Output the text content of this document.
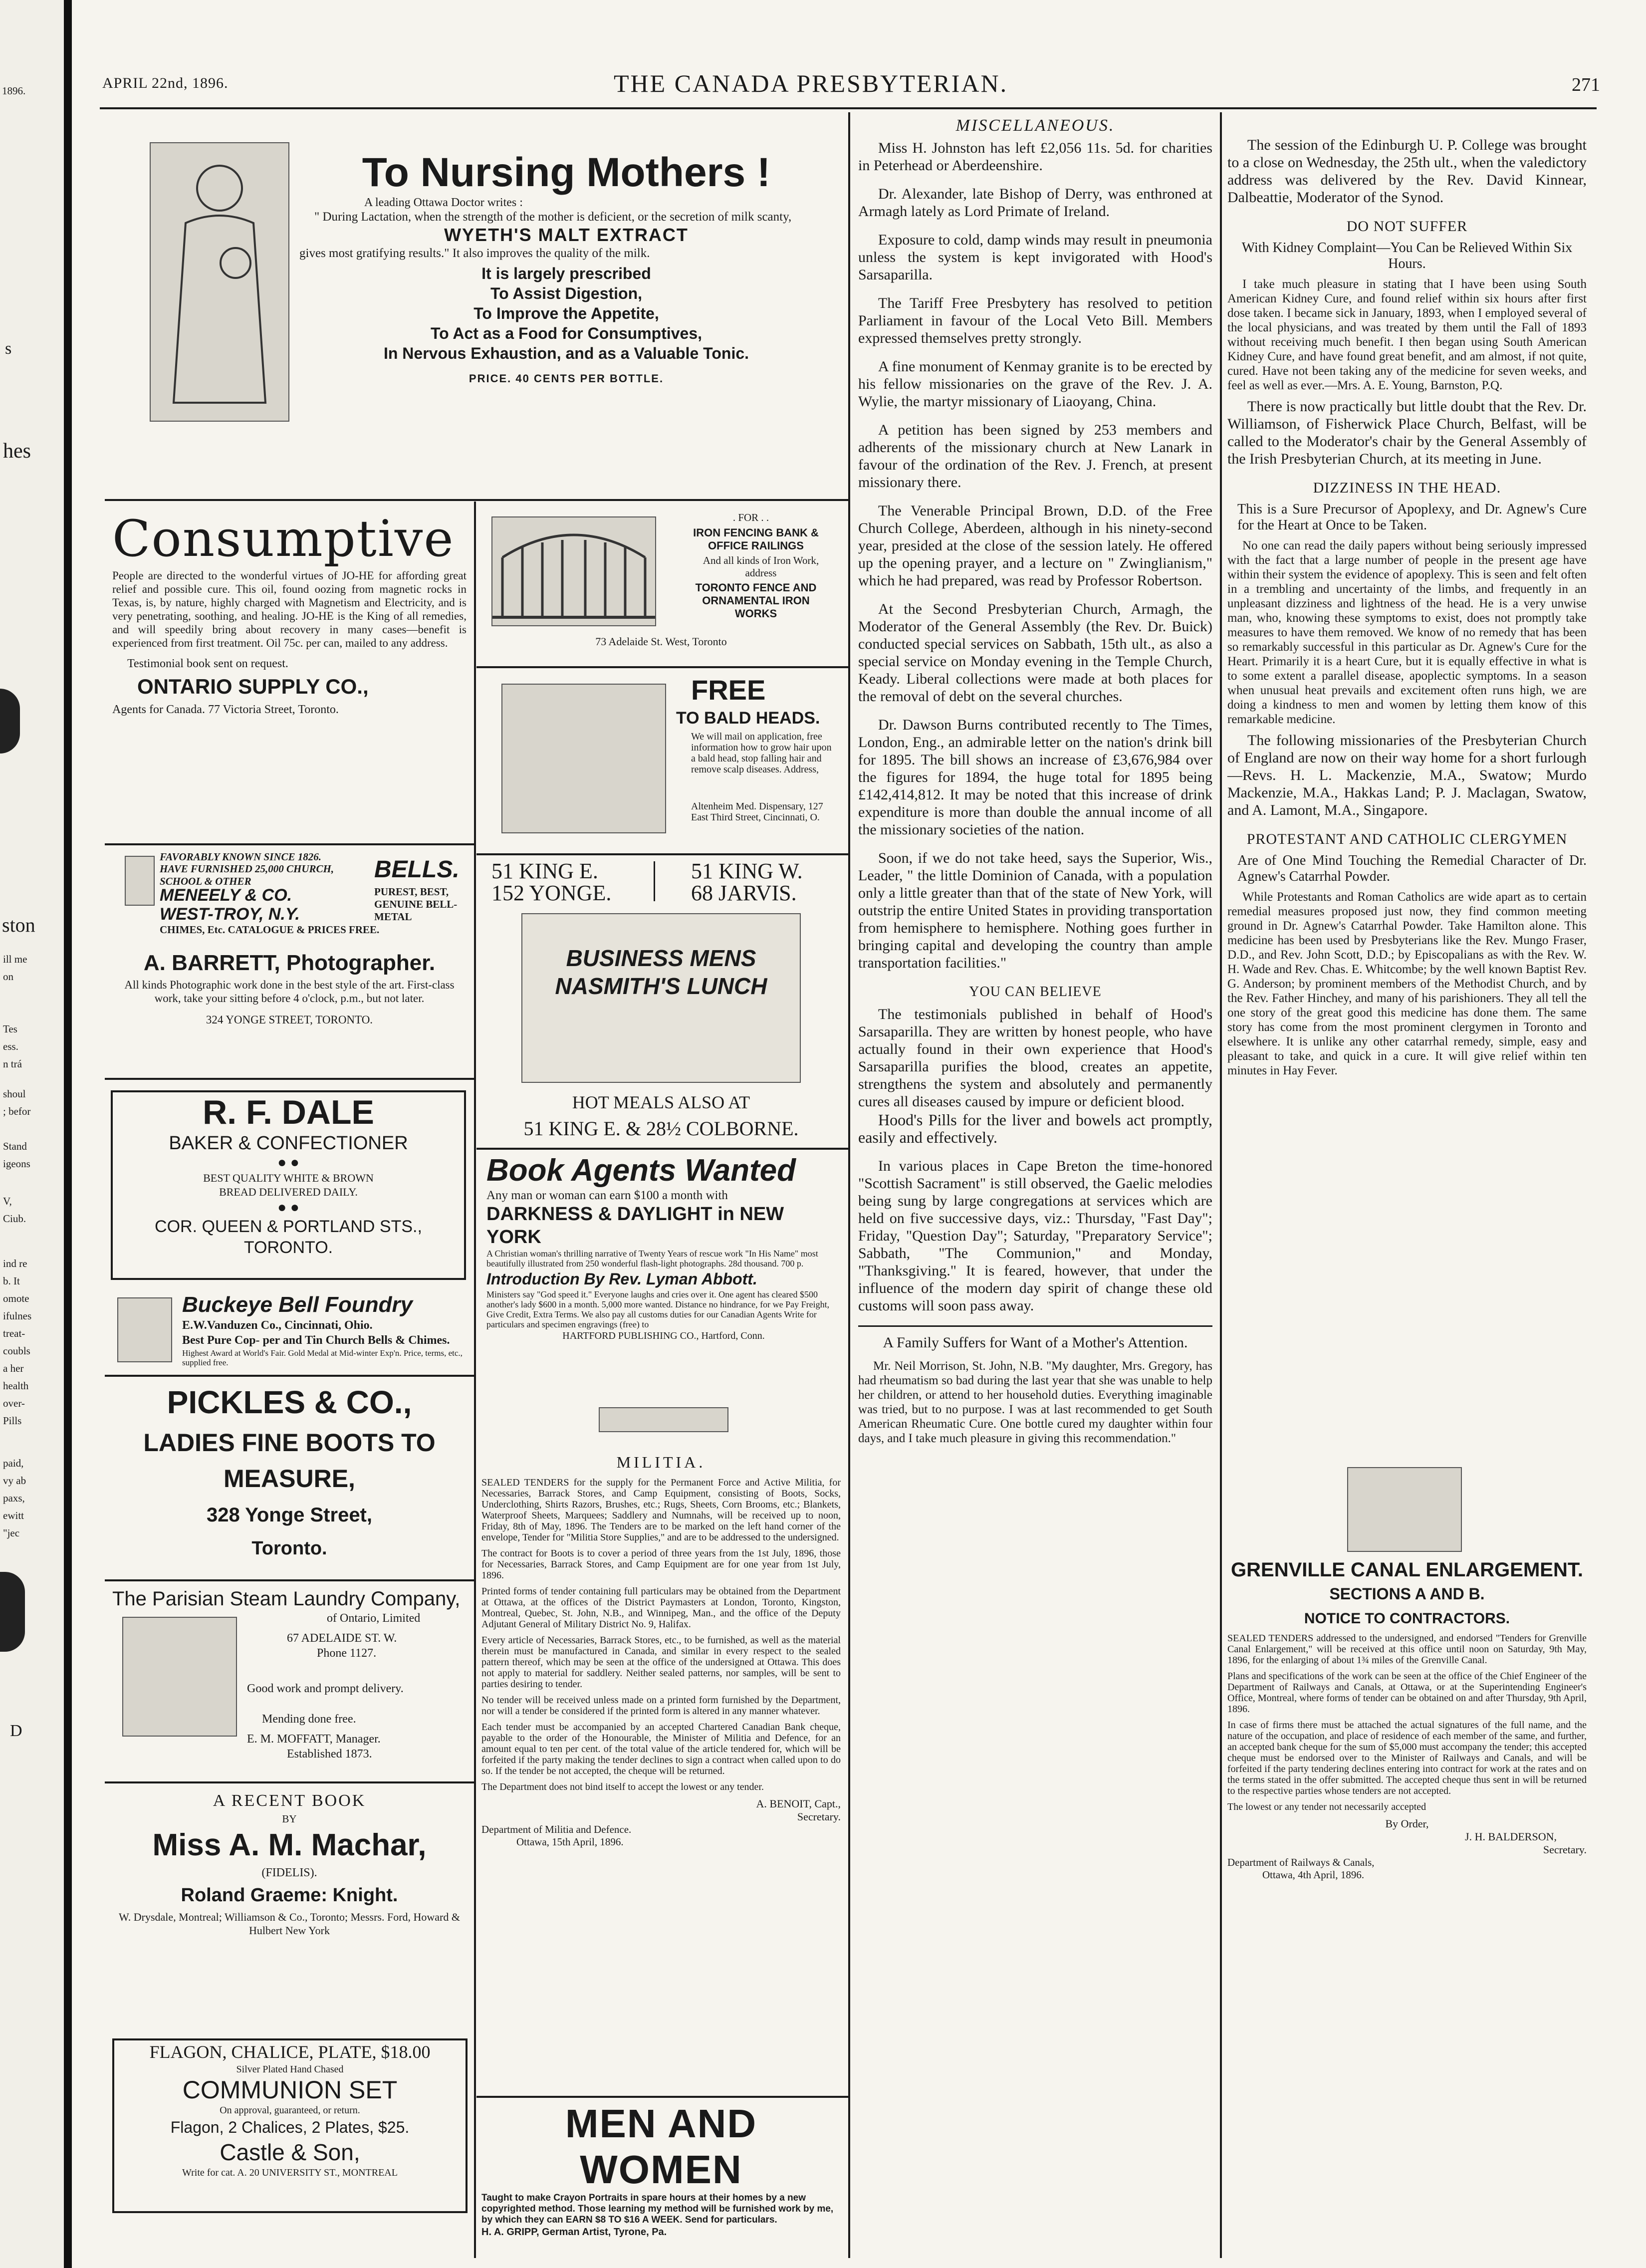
1896.
s
hes
ston
ill me
on
Tes
ess.
n trá
shoul
; befor
Stand
igeons
V,
Ciub.
ind re
b. It
omote
ifulnes
treat-
coubls
a her
health
over-
Pills
paid,
vy ab
paxs,
ewitt
"jec
D
APRIL 22nd, 1896.	THE CANADA PRESBYTERIAN.	271
To Nursing Mothers !
A leading Ottawa Doctor writes :
" During Lactation, when the strength of the mother is deficient, or the secretion of milk scanty,
WYETH'S MALT EXTRACT
gives most gratifying results." It also improves the quality of the milk.
It is largely prescribed
To Assist Digestion,
To Improve the Appetite,
To Act as a Food for Consumptives,
In Nervous Exhaustion, and as a Valuable Tonic.
PRICE. 40 CENTS PER BOTTLE.
Consumptive

People are directed to the wonderful virtues of JO-HE for affording great relief and possible cure. This oil, found oozing from magnetic rocks in Texas, is, by nature, highly charged with Magnetism and Electricity, and is very penetrating, soothing, and healing. JO-HE is the King of all remedies, and will speedily bring about recovery in many cases—benefit is experienced from first treatment. Oil 75c. per can, mailed to any address.

Testimonial book sent on request.
ONTARIO SUPPLY CO.,
Agents for Canada. 77 Victoria Street, Toronto.
FAVORABLY KNOWN SINCE 1826.
HAVE FURNISHED 25,000 CHURCH, SCHOOL & OTHER
MENEELY & CO.
WEST-TROY, N.Y.
BELLS.
PUREST, BEST, GENUINE BELL-METAL
CHIMES, Etc. CATALOGUE & PRICES FREE.
A. BARRETT, Photographer.

All kinds Photographic work done in the best style of the art. First-class work, take your sitting before 4 o'clock, p.m., but not later.

324 YONGE STREET, TORONTO.
R. F. DALE
BAKER & CONFECTIONER
● ●
BEST QUALITY WHITE & BROWN BREAD DELIVERED DAILY.
● ●
COR. QUEEN & PORTLAND STS.,
TORONTO.
Buckeye Bell Foundry
E.W.Vanduzen Co., Cincinnati, Ohio.
Best Pure Cop- per and Tin Church Bells & Chimes.
Highest Award at World's Fair. Gold Medal at Mid-winter Exp'n. Price, terms, etc., supplied free.
PICKLES & CO.,
LADIES FINE BOOTS TO MEASURE,
328 Yonge Street,
Toronto.
The Parisian Steam Laundry Company,
of Ontario, Limited
67 ADELAIDE ST. W.
Phone 1127.
Good work and prompt delivery.
Mending done free.
E. M. MOFFATT, Manager.
Established 1873.
A RECENT BOOK
BY
Miss A. M. Machar,
(FIDELIS).
Roland Graeme: Knight.
W. Drysdale, Montreal; Williamson & Co., Toronto; Messrs. Ford, Howard & Hulbert New York
FLAGON, CHALICE, PLATE, $18.00
Silver Plated Hand Chased
COMMUNION SET
On approval, guaranteed, or return.
Flagon, 2 Chalices, 2 Plates, $25.
Castle & Son,
Write for cat. A. 20 UNIVERSITY ST., MONTREAL
. FOR . .
IRON FENCING BANK & OFFICE RAILINGS
And all kinds of Iron Work, address
TORONTO FENCE AND ORNAMENTAL IRON WORKS
73 Adelaide St. West, Toronto
FREE
TO BALD HEADS.
We will mail on application, free information how to grow hair upon a bald head, stop falling hair and remove scalp diseases. Address,
Altenheim Med. Dispensary, 127 East Third Street, Cincinnati, O.
51 KING E.
152 YONGE.
51 KING W.
68 JARVIS.
BUSINESS MENS NASMITH'S LUNCH
HOT MEALS ALSO AT
51 KING E. & 28½ COLBORNE.
Book Agents Wanted
Any man or woman can earn $100 a month with
DARKNESS & DAYLIGHT in NEW YORK
A Christian woman's thrilling narrative of Twenty Years of rescue work "In His Name" most beautifully illustrated from 250 wonderful flash-light photographs. 28d thousand. 700 p.
Introduction By Rev. Lyman Abbott.
Ministers say "God speed it." Everyone laughs and cries over it. One agent has cleared $500 another's lady $600 in a month. 5,000 more wanted. Distance no hindrance, for we Pay Freight, Give Credit, Extra Terms. We also pay all customs duties for our Canadian Agents Write for particulars and specimen engravings (free) to
HARTFORD PUBLISHING CO., Hartford, Conn.
MILITIA.

SEALED TENDERS for the supply for the Permanent Force and Active Militia, for Necessaries, Barrack Stores, and Camp Equipment, consisting of Boots, Socks, Underclothing, Shirts Razors, Brushes, etc.; Rugs, Sheets, Corn Brooms, etc.; Blankets, Waterproof Sheets, Marquees; Saddlery and Numnahs, will be received up to noon, Friday, 8th of May, 1896. The Tenders are to be marked on the left hand corner of the envelope, Tender for "Militia Store Supplies," and are to be addressed to the undersigned.

The contract for Boots is to cover a period of three years from the 1st July, 1896, those for Necessaries, Barrack Stores, and Camp Equipment are for one year from 1st July, 1896.

Printed forms of tender containing full particulars may be obtained from the Department at Ottawa, at the offices of the District Paymasters at London, Toronto, Kingston, Montreal, Quebec, St. John, N.B., and Winnipeg, Man., and the office of the Deputy Adjutant General of Military District No. 9, Halifax.

Every article of Necessaries, Barrack Stores, etc., to be furnished, as well as the material therein must be manufactured in Canada, and similar in every respect to the sealed pattern thereof, which may be seen at the office of the undersigned at Ottawa. This does not apply to material for saddlery. Neither sealed patterns, nor samples, will be sent to parties desiring to tender.

No tender will be received unless made on a printed form furnished by the Department, nor will a tender be considered if the printed form is altered in any manner whatever.

Each tender must be accompanied by an accepted Chartered Canadian Bank cheque, payable to the order of the Honourable, the Minister of Militia and Defence, for an amount equal to ten per cent. of the total value of the article tendered for, which will be forfeited if the party making the tender declines to sign a contract when called upon to do so. If the tender be not accepted, the cheque will be returned.

The Department does not bind itself to accept the lowest or any tender.

A. BENOIT, Capt.,
Secretary.
Department of Militia and Defence.
Ottawa, 15th April, 1896.
MEN AND WOMEN
Taught to make Crayon Portraits in spare hours at their homes by a new copyrighted method. Those learning my method will be furnished work by me, by which they can EARN $8 TO $16 A WEEK. Send for particulars.
H. A. GRIPP, German Artist, Tyrone, Pa.
MISCELLANEOUS.

Miss H. Johnston has left £2,056 11s. 5d. for charities in Peterhead or Aberdeenshire.

Dr. Alexander, late Bishop of Derry, was enthroned at Armagh lately as Lord Primate of Ireland.

Exposure to cold, damp winds may result in pneumonia unless the system is kept invigorated with Hood's Sarsaparilla.

The Tariff Free Presbytery has resolved to petition Parliament in favour of the Local Veto Bill. Members expressed themselves pretty strongly.

A fine monument of Kenmay granite is to be erected by his fellow missionaries on the grave of the Rev. J. A. Wylie, the martyr missionary of Liaoyang, China.

A petition has been signed by 253 members and adherents of the missionary church at New Lanark in favour of the ordination of the Rev. J. French, at present missionary there.

The Venerable Principal Brown, D.D. of the Free Church College, Aberdeen, although in his ninety-second year, presided at the close of the session lately. He offered up the opening prayer, and a lecture on " Zwinglianism," which he had prepared, was read by Professor Robertson.

At the Second Presbyterian Church, Armagh, the Moderator of the General Assembly (the Rev. Dr. Buick) conducted special services on Sabbath, 15th ult., as also a special service on Monday evening in the Temple Church, Keady. Liberal collections were made at both places for the removal of debt on the several churches.

Dr. Dawson Burns contributed recently to The Times, London, Eng., an admirable letter on the nation's drink bill for 1895. The bill shows an increase of £3,676,984 over the figures for 1894, the huge total for 1895 being £142,414,812. It may be noted that this increase of drink expenditure is more than double the annual income of all the missionary societies of the nation.

Soon, if we do not take heed, says the Superior, Wis., Leader, " the little Dominion of Canada, with a population only a little greater than that of the state of New York, will outstrip the entire United States in providing transportation from hemisphere to hemisphere. Nothing goes further in bringing capital and developing the country than ample transportation facilities."

YOU CAN BELIEVE

The testimonials published in behalf of Hood's Sarsaparilla. They are written by honest people, who have actually found in their own experience that Hood's Sarsaparilla purifies the blood, creates an appetite, strengthens the system and absolutely and permanently cures all diseases caused by impure or deficient blood.

Hood's Pills for the liver and bowels act promptly, easily and effectively.

In various places in Cape Breton the time-honored "Scottish Sacrament" is still observed, the Gaelic melodies being sung by large congregations at services which are held on five successive days, viz.: Thursday, "Fast Day"; Friday, "Question Day"; Saturday, "Preparatory Service"; Sabbath, "The Communion," and Monday, "Thanksgiving." It is feared, however, that under the influence of the modern day spirit of change these old customs will soon pass away.

A Family Suffers for Want of a Mother's Attention.

Mr. Neil Morrison, St. John, N.B. "My daughter, Mrs. Gregory, has had rheumatism so bad during the last year that she was unable to help her children, or attend to her household duties. Everything imaginable was tried, but to no purpose. I was at last recommended to get South American Rheumatic Cure. One bottle cured my daughter within four days, and I take much pleasure in giving this recommendation."

The session of the Edinburgh U. P. College was brought to a close on Wednesday, the 25th ult., when the valedictory address was delivered by the Rev. David Kinnear, Dalbeattie, Moderator of the Synod.

DO NOT SUFFER
With Kidney Complaint—You Can be Relieved Within Six Hours.

I take much pleasure in stating that I have been using South American Kidney Cure, and found relief within six hours after first dose taken. I became sick in January, 1893, when I employed several of the local physicians, and was treated by them until the Fall of 1893 without receiving much benefit. I then began using South American Kidney Cure, and have found great benefit, and am almost, if not quite, cured. Have not been taking any of the medicine for seven weeks, and feel as well as ever.—Mrs. A. E. Young, Barnston, P.Q.

There is now practically but little doubt that the Rev. Dr. Williamson, of Fisherwick Place Church, Belfast, will be called to the Moderator's chair by the General Assembly of the Irish Presbyterian Church, at its meeting in June.

DIZZINESS IN THE HEAD.
This is a Sure Precursor of Apoplexy, and Dr. Agnew's Cure for the Heart at Once to be Taken.

No one can read the daily papers without being seriously impressed with the fact that a large number of people in the present age have within their system the evidence of apoplexy. This is seen and felt often in a trembling and uncertainty of the limbs, and frequently in an unpleasant dizziness and lightness of the head. He is a very unwise man, who, knowing these symptoms to exist, does not promptly take measures to have them removed. We know of no remedy that has been so remarkably successful in this particular as Dr. Agnew's Cure for the Heart. Primarily it is a heart Cure, but it is equally effective in what is to some extent a parallel disease, apoplectic symptoms. In a season when unusual heat prevails and excitement often runs high, we are doing a kindness to men and women by letting them know of this remarkable medicine.

The following missionaries of the Presbyterian Church of England are now on their way home for a short furlough—Revs. H. L. Mackenzie, M.A., Swatow; Murdo Mackenzie, M.A., Hakkas Land; P. J. Maclagan, Swatow, and A. Lamont, M.A., Singapore.

PROTESTANT AND CATHOLIC CLERGYMEN
Are of One Mind Touching the Remedial Character of Dr. Agnew's Catarrhal Powder.

While Protestants and Roman Catholics are wide apart as to certain remedial measures proposed just now, they find common meeting ground in Dr. Agnew's Catarrhal Powder. Take Hamilton alone. This medicine has been used by Presbyterians like the Rev. Mungo Fraser, D.D., and Rev. John Scott, D.D.; by Episcopalians as with the Rev. W. H. Wade and Rev. Chas. E. Whitcombe; by the well known Baptist Rev. G. Anderson; by prominent members of the Methodist Church, and by the Rev. Father Hinchey, and many of his parishioners. They all tell the one story of the great good this medicine has done them. The same story has come from the most prominent clergymen in Toronto and elsewhere. It is unlike any other catarrhal remedy, simple, easy and pleasant to take, and quick in a cure. It will give relief within ten minutes in Hay Fever.

GRENVILLE CANAL ENLARGEMENT.
SECTIONS A AND B.
NOTICE TO CONTRACTORS.

SEALED TENDERS addressed to the undersigned, and endorsed "Tenders for Grenville Canal Enlargement," will be received at this office until noon on Saturday, 9th May, 1896, for the enlarging of about 1¾ miles of the Grenville Canal.

Plans and specifications of the work can be seen at the office of the Chief Engineer of the Department of Railways and Canals, at Ottawa, or at the Superintending Engineer's Office, Montreal, where forms of tender can be obtained on and after Thursday, 9th April, 1896.

In case of firms there must be attached the actual signatures of the full name, and the nature of the occupation, and place of residence of each member of the same, and further, an accepted bank cheque for the sum of $5,000 must accompany the tender; this accepted cheque must be endorsed over to the Minister of Railways and Canals, and will be forfeited if the party tendering declines entering into contract for work at the rates and on the terms stated in the offer submitted. The accepted cheque thus sent in will be returned to the respective parties whose tenders are not accepted.

The lowest or any tender not necessarily accepted

By Order,
J. H. BALDERSON,
Secretary.
Department of Railways & Canals,
Ottawa, 4th April, 1896.
